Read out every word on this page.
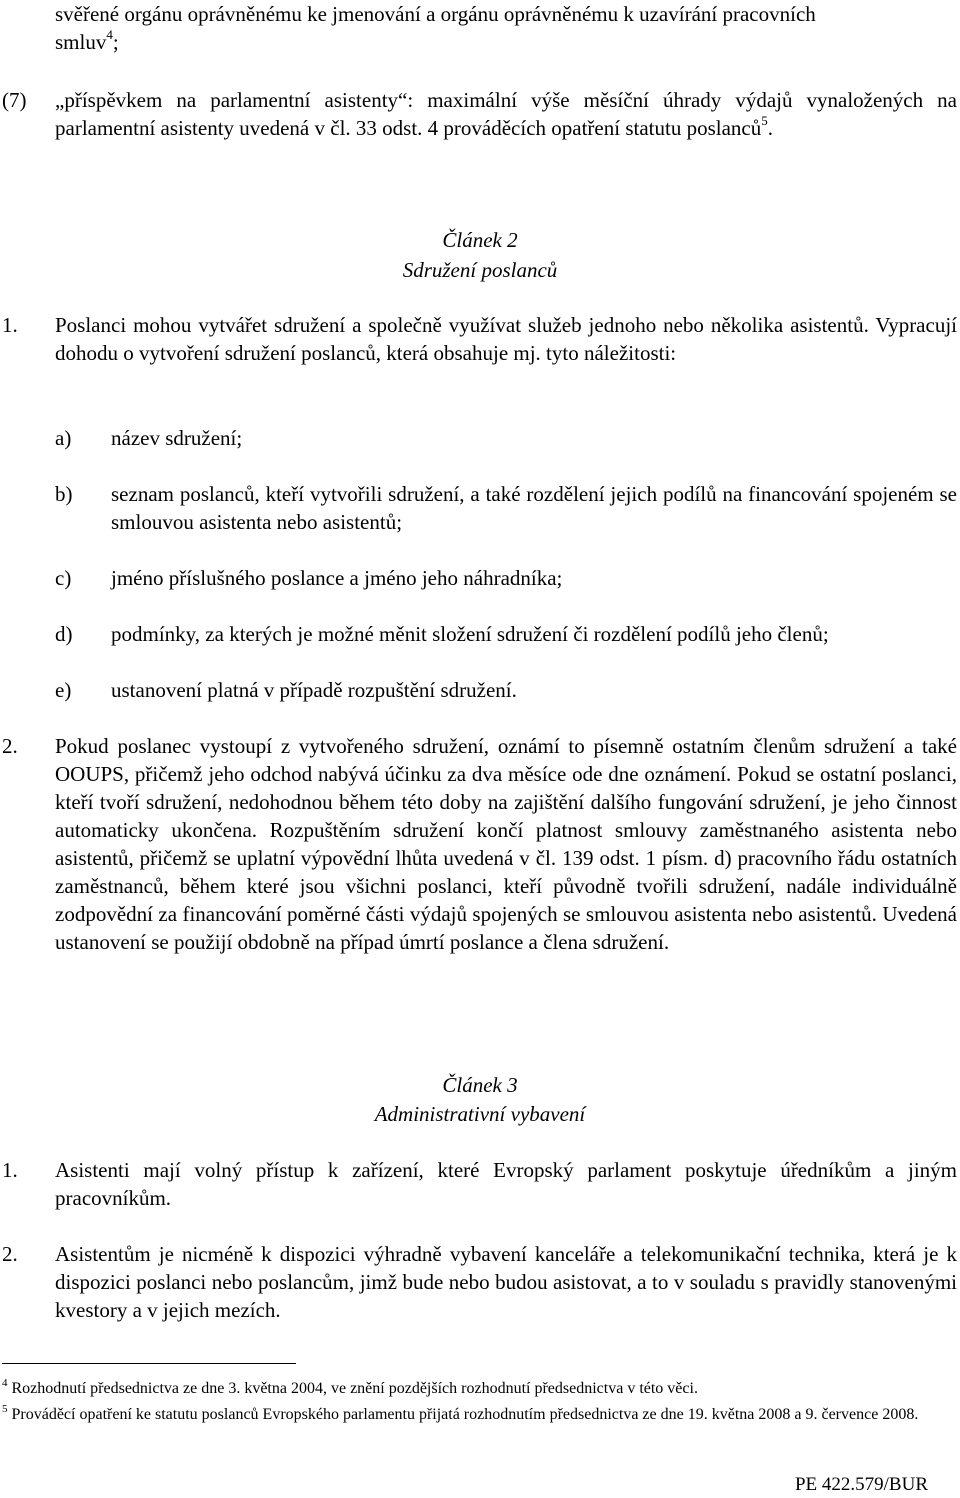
svěřené orgánu oprávněnému ke jmenování a orgánu oprávněnému k uzavírání pracovních

smluv$^4$;

(7) „příspěvkem na parlamentní asistenty“: maximální výše měsíční úhrady výdajů vynaložených na parlamentní asistenty uvedená v čl. 33 odst. 4 prováděcích opatření statutu poslanců$^5$.

Článek 2
Sdružení poslanců
1. Poslanci mohou vytvářet sdružení a společně využívat služeb jednoho nebo několika asistentů. Vypracují dohodu o vytvoření sdružení poslanců, která obsahuje mj. tyto náležitosti:

a) název sdružení;

b) seznam poslanců, kteří vytvořili sdružení, a také rozdělení jejich podílů na financování spojeném se smlouvou asistenta nebo asistentů;

c) jméno příslušného poslance a jméno jeho náhradníka;

d) podmínky, za kterých je možné měnit složení sdružení či rozdělení podílů jeho členů;

e) ustanovení platná v případě rozpuštění sdružení.

2. Pokud poslanec vystoupí z vytvořeného sdružení, oznámí to písemně ostatním členům sdružení a také OOUPS, přičemž jeho odchod nabývá účinku za dva měsíce ode dne oznámení. Pokud se ostatní poslanci, kteří tvoří sdružení, nedohodnou během této doby na zajištění dalšího fungování sdružení, je jeho činnost automaticky ukončena. Rozpuštěním sdružení končí platnost smlouvy zaměstnaného asistenta nebo asistentů, přičemž se uplatní výpovědní lhůta uvedená v čl. 139 odst. 1 písm. d) pracovního řádu ostatních zaměstnanců, během které jsou všichni poslanci, kteří původně tvořili sdružení, nadále individuálně zodpovědní za financování poměrné části výdajů spojených se smlouvou asistenta nebo asistentů. Uvedená ustanovení se použijí obdobně na případ úmrtí poslance a člena sdružení.

Článek 3
Administrativní vybavení
1. Asistenti mají volný přístup k zařízení, které Evropský parlament poskytuje úředníkům a jiným pracovníkům.

2. Asistentům je nicméně k dispozici výhradně vybavení kanceláře a telekomunikační technika, která je k dispozici poslanci nebo poslancům, jimž bude nebo budou asistovat, a to v souladu s pravidly stanovenými kvestory a v jejich mezích.

$^4$ Rozhodnutí předsednictva ze dne 3. května 2004, ve znění pozdějších rozhodnutí předsednictva v této věci.

$^5$ Prováděcí opatření ke statutu poslanců Evropského parlamentu přijatá rozhodnutím předsednictva ze dne 19. května 2008 a 9. července 2008.

PE 422.579/BUR
